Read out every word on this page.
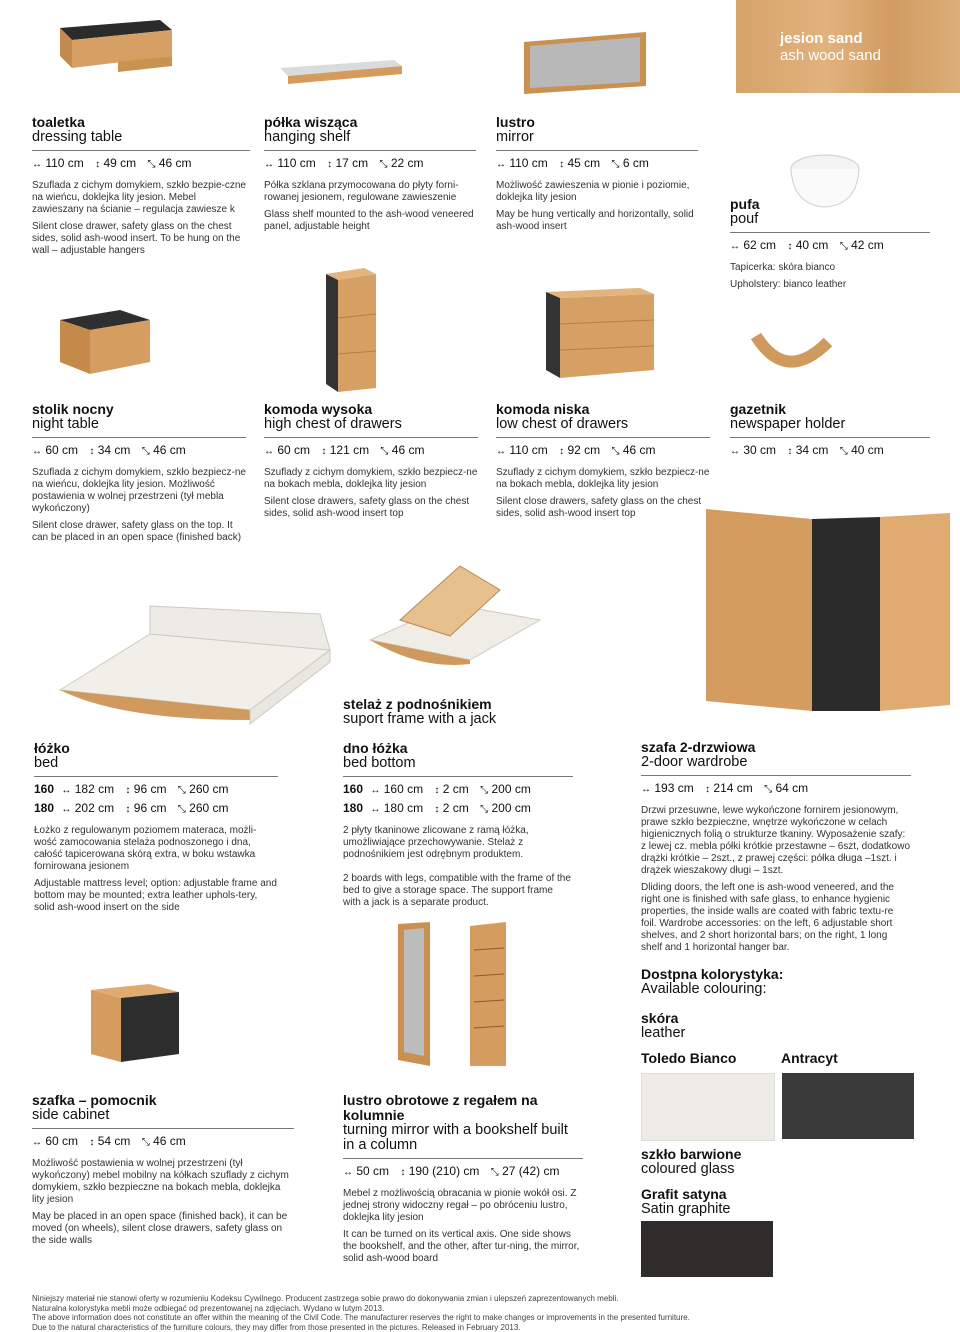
jesion sand
ash wood sand
toaletka
dressing table
↔ 110 cm ↕ 49 cm ⤡ 46 cm
Szuflada z cichym domykiem, szkło bezpie-czne na wieńcu, doklejka lity jesion. Mebel zawieszany na ścianie – regulacja zawiesze k
Silent close drawer, safety glass on the chest sides, solid ash-wood insert. To be hung on the wall – adjustable hangers
półka wisząca
hanging shelf
↔ 110 cm ↕ 17 cm ⤡ 22 cm
Półka szklana przymocowana do płyty forni-rowanej jesionem, regulowane zawieszenie
Glass shelf mounted to the ash-wood veneered panel, adjustable height
lustro
mirror
↔ 110 cm ↕ 45 cm ⤡ 6 cm
Możliwość zawieszenia w pionie i poziomie, doklejka lity jesion
May be hung vertically and horizontally, solid ash-wood insert
pufa
pouf
↔ 62 cm ↕ 40 cm ⤡ 42 cm
Tapicerka: skóra bianco
Upholstery: bianco leather
stolik nocny
night table
↔ 60 cm ↕ 34 cm ⤡ 46 cm
Szuflada z cichym domykiem, szkło bezpiecz-ne na wieńcu, doklejka lity jesion. Możliwość postawienia w wolnej przestrzeni (tył mebla wykończony)
Silent close drawer, safety glass on the top. It can be placed in an open space (finished back)
komoda wysoka
high chest of drawers
↔ 60 cm ↕ 121 cm ⤡ 46 cm
Szuflady z cichym domykiem, szkło bezpiecz-ne na bokach mebla, doklejka lity jesion
Silent close drawers, safety glass on the chest sides, solid ash-wood insert top
komoda niska
low chest of drawers
↔ 110 cm ↕ 92 cm ⤡ 46 cm
Szuflady z cichym domykiem, szkło bezpiecz-ne na bokach mebla, doklejka lity jesion
Silent close drawers, safety glass on the chest sides, solid ash-wood insert top
gazetnik
newspaper holder
↔ 30 cm ↕ 34 cm ⤡ 40 cm
stelaż z podnośnikiem
suport frame with a jack
łóżko
bed
160 ↔ 182 cm ↕ 96 cm ⤡ 260 cm
180 ↔ 202 cm ↕ 96 cm ⤡ 260 cm
Łożko z regulowanym poziomem materaca, możli-wość zamocowania stelaża podnoszonego i dna, całość tapicerowana skórą extra, w boku wstawka fornirowana jesionem
Adjustable mattress level; option: adjustable frame and bottom may be mounted; extra leather uphols-tery, solid ash-wood insert on the side
dno łóżka
bed bottom
160 ↔ 160 cm ↕ 2 cm ⤡ 200 cm
180 ↔ 180 cm ↕ 2 cm ⤡ 200 cm
2 płyty tkaninowe zlicowane z ramą łóżka, umożliwiające przechowywanie. Stelaż z podnośnikiem jest odrębnym produktem.
2 boards with legs, compatible with the frame of the bed to give a storage space. The support frame with a jack is a separate product.
szafa 2-drzwiowa
2-door wardrobe
↔ 193 cm ↕ 214 cm ⤡ 64 cm
Drzwi przesuwne, lewe wykończone fornirem jesionowym, prawe szkło bezpieczne, wnętrze wykończone w celach higienicznych folią o strukturze tkaniny. Wyposażenie szafy: z lewej cz. mebla półki krótkie przestawne – 6szt, dodatkowo drążki krótkie – 2szt., z prawej części: półka długa –1szt. i drążek wieszakowy długi – 1szt.
Dliding doors, the left one is ash-wood veneered, and the right one is finished with safe glass, to enhance hygienic properties, the inside walls are coated with fabric textu-re foil. Wardrobe accessories: on the left, 6 adjustable short shelves, and 2 short horizontal bars; on the right, 1 long shelf and 1 horizontal hanger bar.
szafka – pomocnik
side cabinet
↔ 60 cm ↕ 54 cm ⤡ 46 cm
Możliwość postawienia w wolnej przestrzeni (tył wykończony) mebel mobilny na kółkach szuflady z cichym domykiem, szkło bezpieczne na bokach mebla, doklejka lity jesion
May be placed in an open space (finished back), it can be moved (on wheels), silent close drawers, safety glass on the side walls
lustro obrotowe z regałem na kolumnie
turning mirror with a bookshelf built in a column
↔ 50 cm ↕ 190 (210) cm ⤡ 27 (42) cm
Mebel z możliwością obracania w pionie wokół osi. Z jednej strony widoczny regał – po obróceniu lustro, doklejka lity jesion
It can be turned on its vertical axis. One side shows the bookshelf, and the other, after tur-ning, the mirror, solid ash-wood board
Dostpna kolorystyka:
Available colouring:
skóra
leather
Toledo Bianco	Antracyt
szkło barwione
coloured glass
Grafit satyna
Satin graphite
Niniejszy materiał nie stanowi oferty w rozumieniu Kodeksu Cywilnego. Producent zastrzega sobie prawo do dokonywania zmian i ulepszeń zaprezentowanych mebli.
Naturalna kolorystyka mebli może odbiegać od prezentowanej na zdjęciach. Wydano w lutym 2013.
The above information does not constitute an offer within the meaning of the Civil Code. The manufacturer reserves the right to make changes or improvements in the presented furniture.
Due to the natural characteristics of the furniture colours, they may differ from those presented in the pictures. Released in February 2013.
